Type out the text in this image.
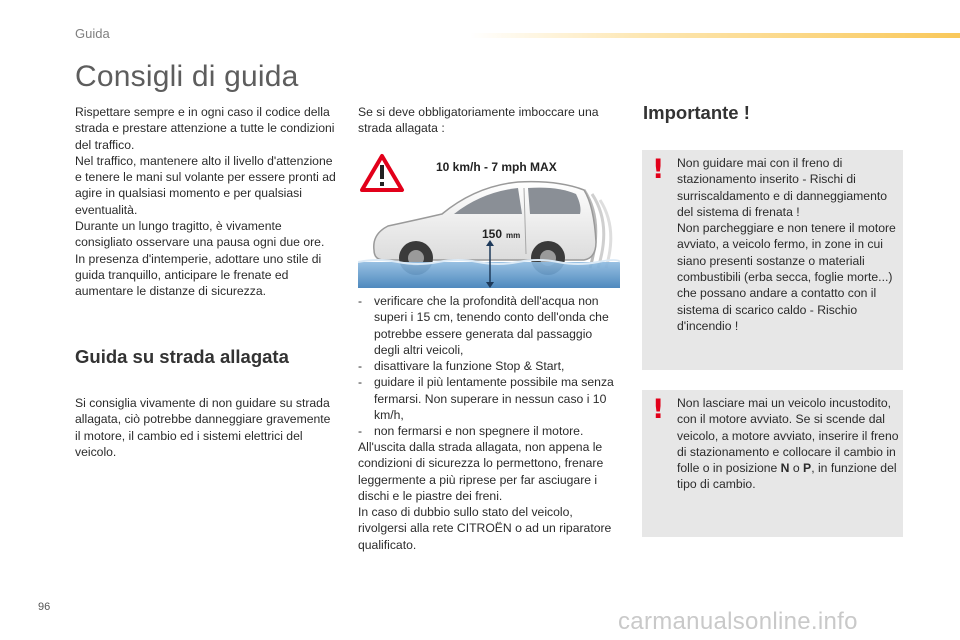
Guida
Consigli di guida

Rispettare sempre e in ogni caso il codice della strada e prestare attenzione a tutte le condizioni del traffico.

Nel traffico, mantenere alto il livello d'attenzione e tenere le mani sul volante per essere pronti ad agire in qualsiasi momento e per qualsiasi eventualità.

Durante un lungo tragitto, è vivamente consigliato osservare una pausa ogni due ore.

In presenza d'intemperie, adottare uno stile di guida tranquillo, anticipare le frenate ed aumentare le distanze di sicurezza.

Guida su strada allagata
Si consiglia vivamente di non guidare su strada allagata, ciò potrebbe danneggiare gravemente il motore, il cambio ed i sistemi elettrici del veicolo.

Se si deve obbligatoriamente imboccare una strada allagata :

10 km/h - 7 mph MAX
150 mm
- verificare che la profondità dell'acqua non superi i 15 cm, tenendo conto dell'onda che potrebbe essere generata dal passaggio degli altri veicoli,
- disattivare la funzione Stop & Start,
- guidare il più lentamente possibile ma senza fermarsi. Non superare in nessun caso i 10 km/h,
- non fermarsi e non spegnere il motore.

All'uscita dalla strada allagata, non appena le condizioni di sicurezza lo permettono, frenare leggermente a più riprese per far asciugare i dischi e le piastre dei freni.

In caso di dubbio sullo stato del veicolo, rivolgersi alla rete CITROËN o ad un riparatore qualificato.

Importante !
! Non guidare mai con il freno di stazionamento inserito - Rischi di surriscaldamento e di danneggiamento del sistema di frenata !

Non parcheggiare e non tenere il motore avviato, a veicolo fermo, in zone in cui siano presenti sostanze o materiali combustibili (erba secca, foglie morte...) che possano andare a contatto con il sistema di scarico caldo - Rischio d'incendio !

! Non lasciare mai un veicolo incustodito, con il motore avviato. Se si scende dal veicolo, a motore avviato, inserire il freno di stazionamento e collocare il cambio in folle o in posizione N o P, in funzione del tipo di cambio.

96
carmanualsonline.info
